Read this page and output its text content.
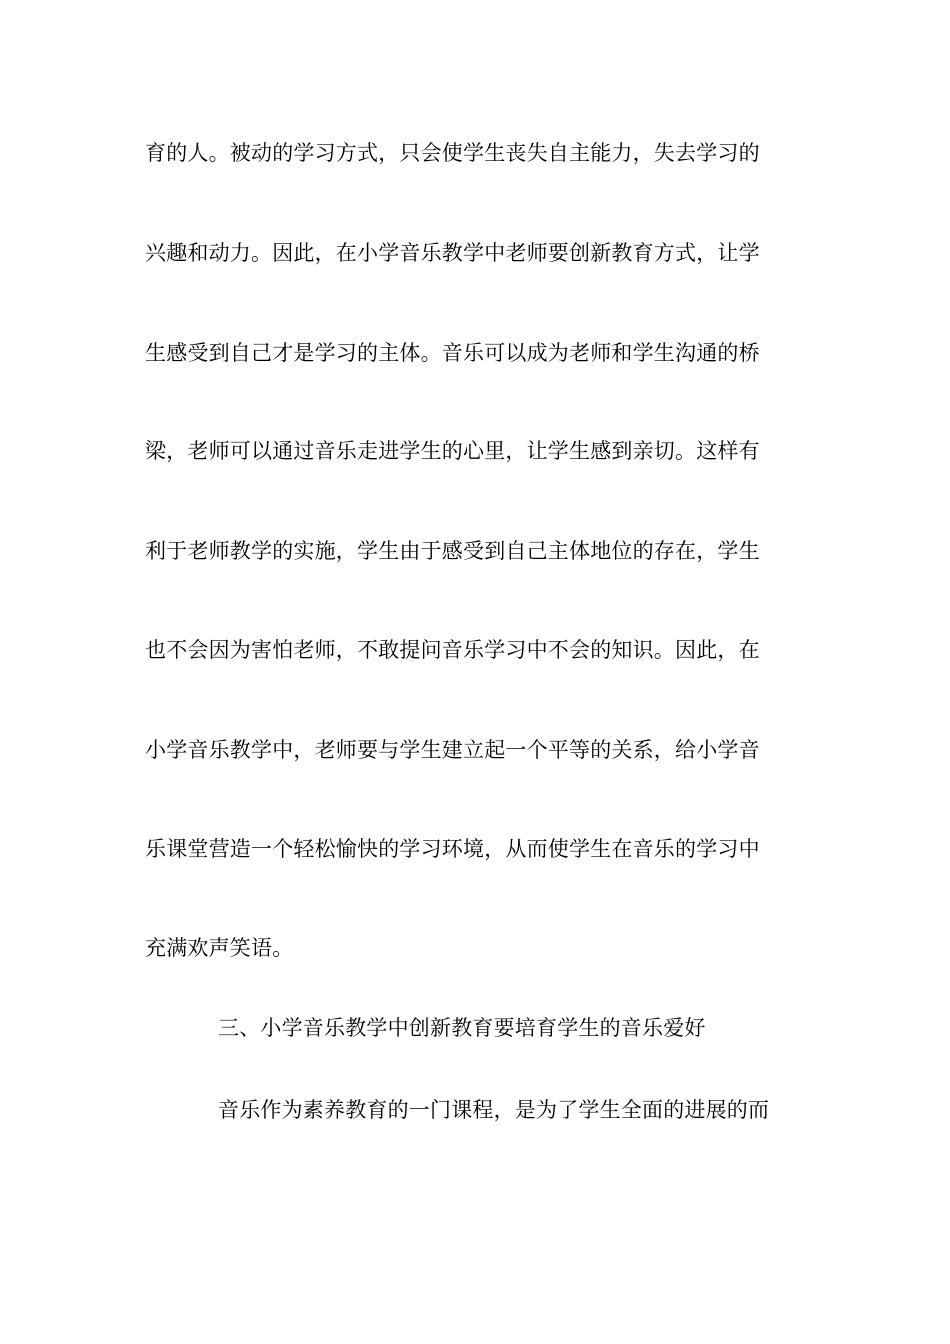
育的人。被动的学习方式，只会使学生丧失自主能力，失去学习的
兴趣和动力。因此，在小学音乐教学中老师要创新教育方式，让学
生感受到自己才是学习的主体。音乐可以成为老师和学生沟通的桥
梁，老师可以通过音乐走进学生的心里，让学生感到亲切。这样有
利于老师教学的实施，学生由于感受到自己主体地位的存在，学生
也不会因为害怕老师，不敢提问音乐学习中不会的知识。因此，在
小学音乐教学中，老师要与学生建立起一个平等的关系，给小学音
乐课堂营造一个轻松愉快的学习环境，从而使学生在音乐的学习中
充满欢声笑语。
三、小学音乐教学中创新教育要培育学生的音乐爱好
音乐作为素养教育的一门课程，是为了学生全面的进展的而
